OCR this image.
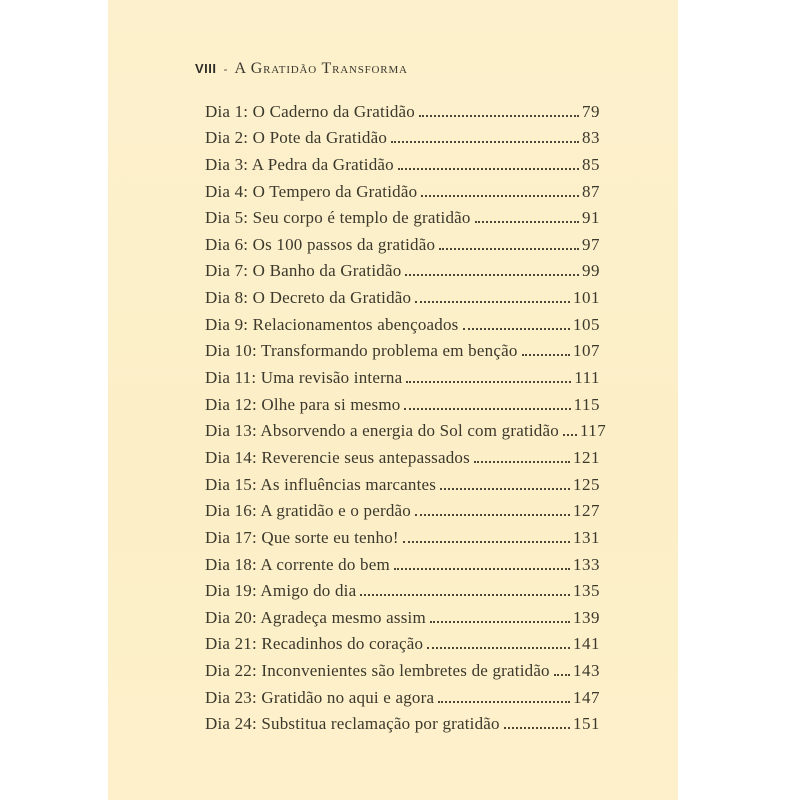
VIII - A Gratidão Transforma
Dia 1: O Caderno da Gratidão	79
Dia 2: O Pote da Gratidão	83
Dia 3: A Pedra da Gratidão	85
Dia 4: O Tempero da Gratidão	87
Dia 5: Seu corpo é templo de gratidão	91
Dia 6: Os 100 passos da gratidão	97
Dia 7: O Banho da Gratidão	99
Dia 8: O Decreto da Gratidão	101
Dia 9: Relacionamentos abençoados	105
Dia 10: Transformando problema em benção	107
Dia 11: Uma revisão interna	111
Dia 12: Olhe para si mesmo	115
Dia 13: Absorvendo a energia do Sol com gratidão 117
Dia 14: Reverencie seus antepassados	121
Dia 15: As influências marcantes	125
Dia 16: A gratidão e o perdão	127
Dia 17: Que sorte eu tenho!	131
Dia 18: A corrente do bem	133
Dia 19: Amigo do dia	135
Dia 20: Agradeça mesmo assim	139
Dia 21: Recadinhos do coração	141
Dia 22: Inconvenientes são lembretes de gratidão 143
Dia 23: Gratidão no aqui e agora	147
Dia 24: Substitua reclamação por gratidão	151
